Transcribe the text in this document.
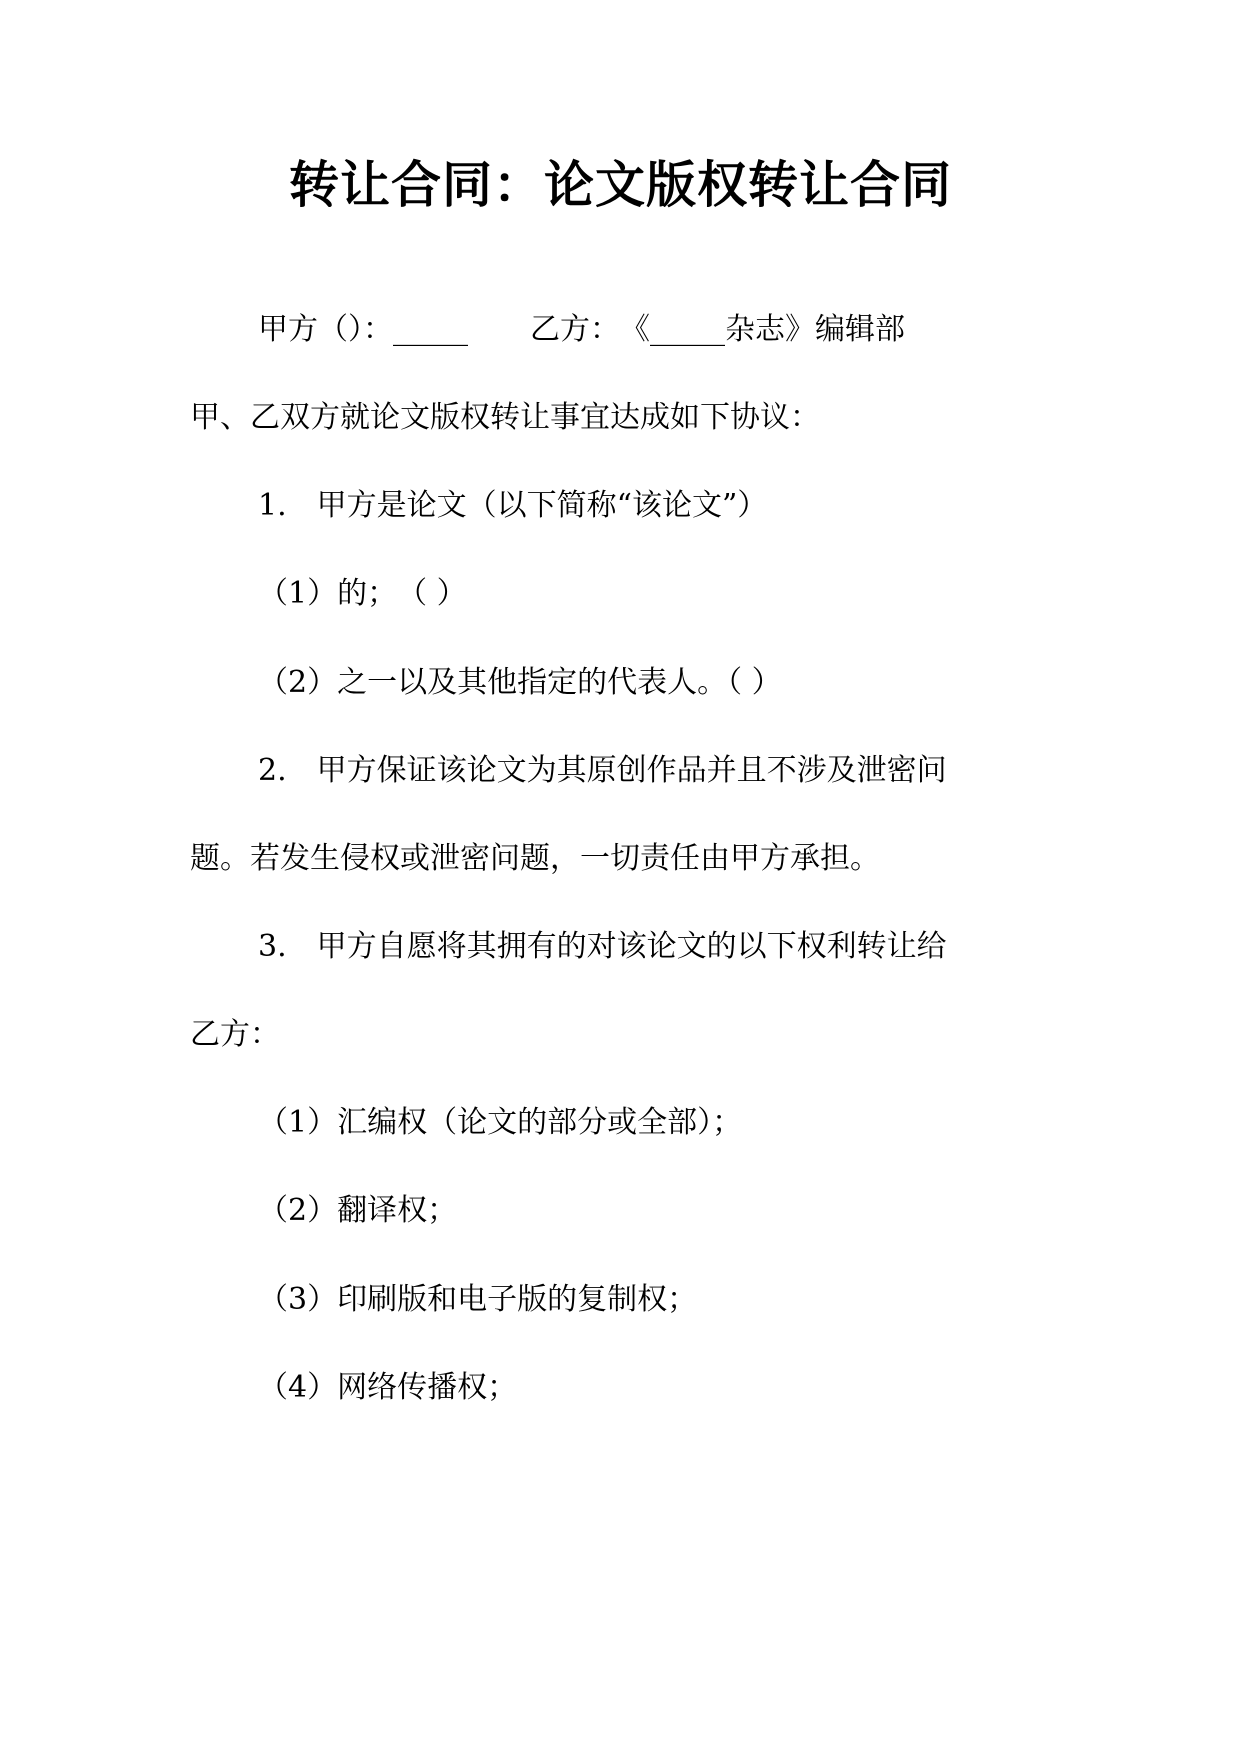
转让合同：论文版权转让合同
甲方（）：_____ 乙方：　《_____杂志》编辑部
甲、乙双方就论文版权转让事宜达成如下协议：
1.　甲方是论文（以下简称“该论文”）
（1）的；　（ ）
（2）之一以及其他指定的代表人。（ ）
2.　甲方保证该论文为其原创作品并且不涉及泄密问
题。若发生侵权或泄密问题，一切责任由甲方承担。
3.　甲方自愿将其拥有的对该论文的以下权利转让给
乙方：
（1）汇编权（论文的部分或全部）；
（2）翻译权；
（3）印刷版和电子版的复制权；
（4）网络传播权；
